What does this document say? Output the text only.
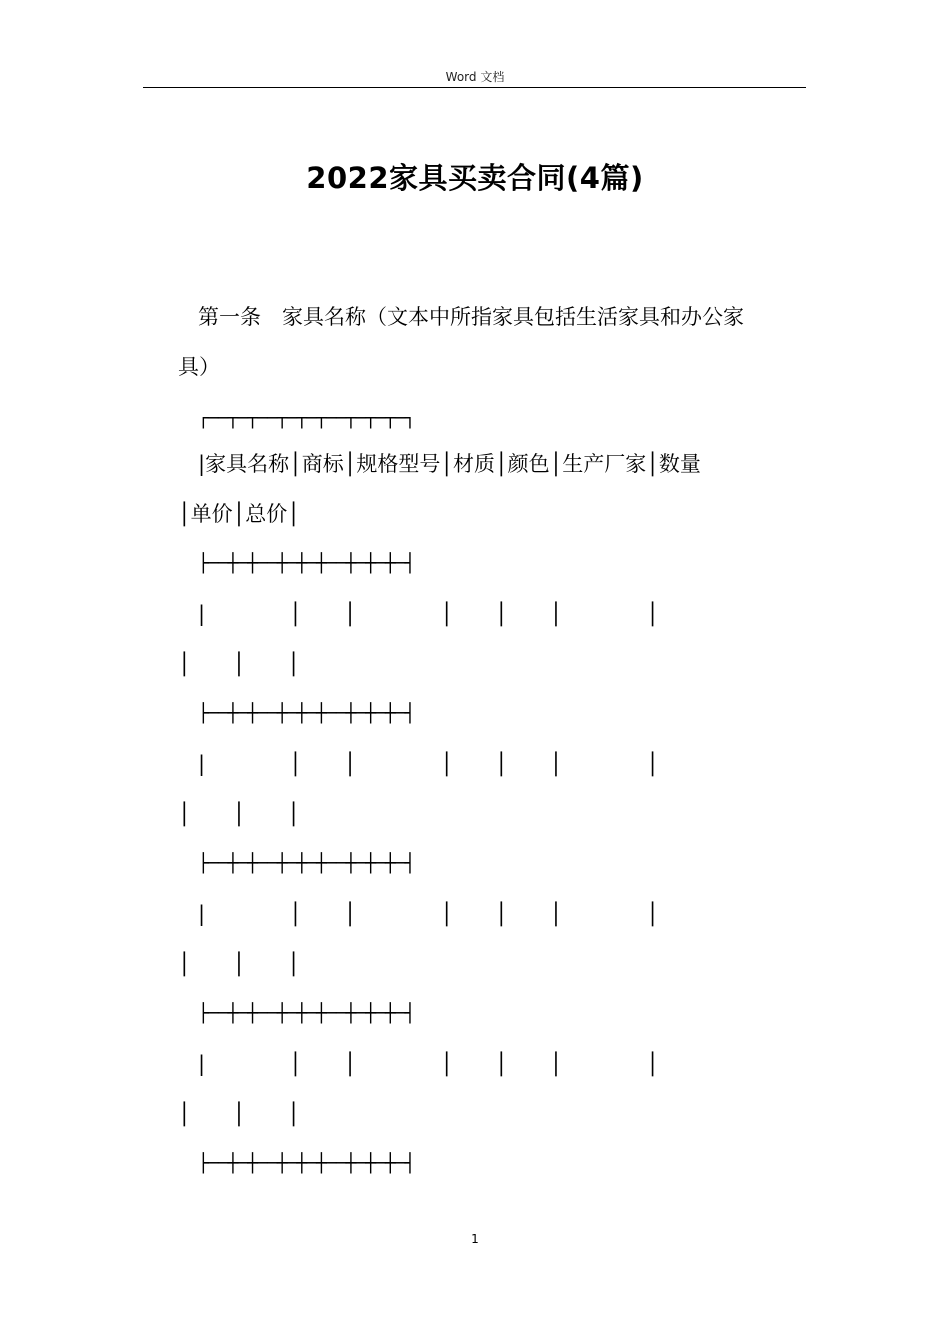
Word 文档
2022家具买卖合同(4篇)
第一条　家具名称（文本中所指家具包括生活家具和办公家
具）
┌──┬─┬──┬─┬─┬──┬─┬─┬─┐
|家具名称│商标│规格型号│材质│颜色│生产厂家│数量
│单价│总价│
├──┼─┼──┼─┼─┼──┼─┼─┼─┤
|　　　　│　　│　　　　│　　│　　│　　　　│
│　　│　　│
├──┼─┼──┼─┼─┼──┼─┼─┼─┤
|　　　　│　　│　　　　│　　│　　│　　　　│
│　　│　　│
├──┼─┼──┼─┼─┼──┼─┼─┼─┤
|　　　　│　　│　　　　│　　│　　│　　　　│
│　　│　　│
├──┼─┼──┼─┼─┼──┼─┼─┼─┤
|　　　　│　　│　　　　│　　│　　│　　　　│
│　　│　　│
├──┼─┼──┼─┼─┼──┼─┼─┼─┤
1
